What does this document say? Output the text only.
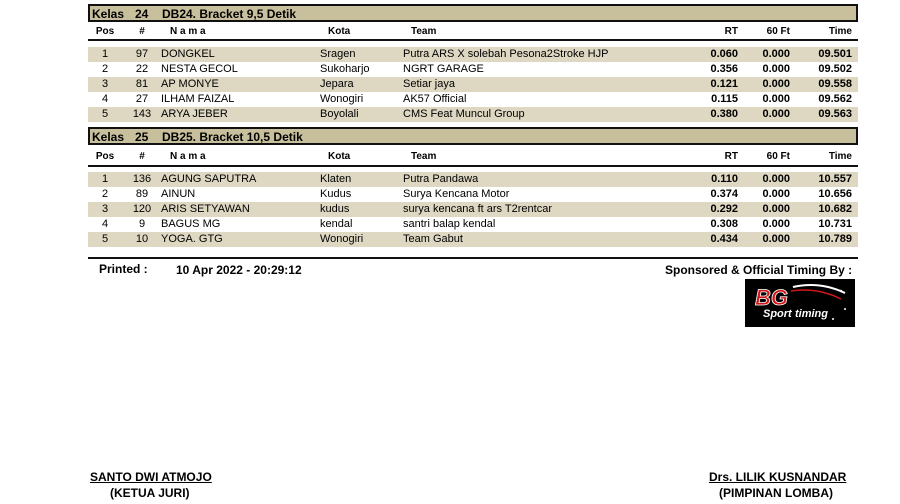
Kelas 24 DB24. Bracket 9,5 Detik
Pos	#	N a m a	Kota	Team	RT	60 Ft	Time
1	97	DONGKEL	Sragen	Putra ARS X solebah Pesona2Stroke HJP	0.060	0.000	09.501
2	22	NESTA GECOL	Sukoharjo	NGRT GARAGE	0.356	0.000	09.502
3	81	AP MONYE	Jepara	Setiar jaya	0.121	0.000	09.558
4	27	ILHAM FAIZAL	Wonogiri	AK57 Official	0.115	0.000	09.562
5	143 ARYA JEBER	Boyolali	CMS Feat Muncul Group	0.380	0.000	09.563
Kelas 25 DB25. Bracket 10,5 Detik
Pos	#	N a m a	Kota	Team	RT	60 Ft	Time
1	136 AGUNG SAPUTRA	Klaten	Putra Pandawa	0.110	0.000	10.557
2	89	AINUN	Kudus	Surya Kencana Motor	0.374	0.000	10.656
3	120 ARIS SETYAWAN	kudus	surya kencana ft ars T2rentcar	0.292	0.000	10.682
4	9	BAGUS MG	kendal	santri balap kendal	0.308	0.000	10.731
5	10	YOGA. GTG	Wonogiri	Team Gabut	0.434	0.000	10.789
Printed : 10 Apr 2022 - 20:29:12	Sponsored & Official Timing By :
BG
Sport timing
SANTO DWI ATMOJO
(KETUA JURI)
Drs. LILIK KUSNANDAR
(PIMPINAN LOMBA)
